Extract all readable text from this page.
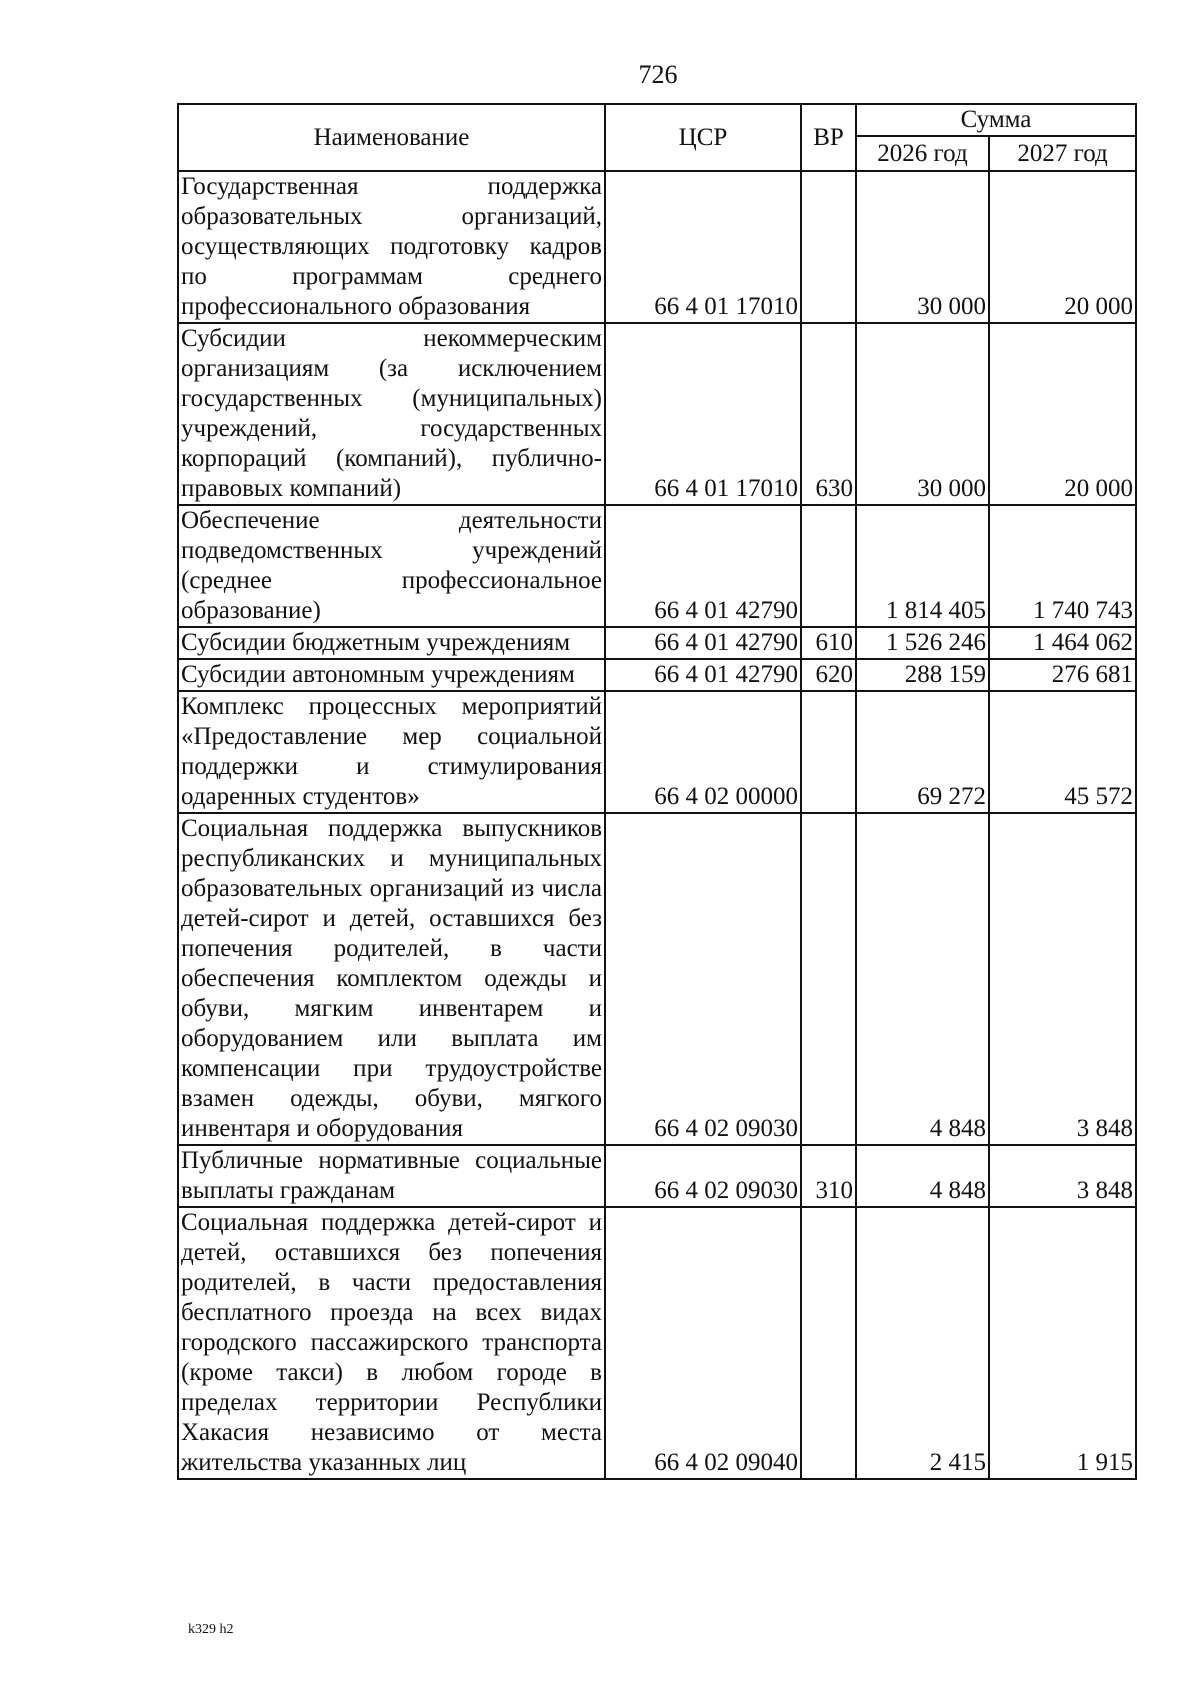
726
Наименование	ЦСР	ВР	Сумма	
			2026 год	2027 год
Государственная поддержка образовательных организаций, осуществляющих подготовку кадров по программам среднего профессионального образования	66 4 01 17010		30 000	20 000
Субсидии некоммерческим организациям (за исключением государственных (муниципальных) учреждений, государственных корпораций (компаний), публично-правовых компаний)	66 4 01 17010	630	30 000	20 000
Обеспечение деятельности подведомственных учреждений (среднее профессиональное образование)	66 4 01 42790		1 814 405	1 740 743
Субсидии бюджетным учреждениям	66 4 01 42790	610	1 526 246	1 464 062
Субсидии автономным учреждениям	66 4 01 42790	620	288 159	276 681
Комплекс процессных мероприятий «Предоставление мер социальной поддержки и стимулирования одаренных студентов»	66 4 02 00000		69 272	45 572
Социальная поддержка выпускников республиканских и муниципальных образовательных организаций из числа детей-сирот и детей, оставшихся без попечения родителей, в части обеспечения комплектом одежды и обуви, мягким инвентарем и оборудованием или выплата им компенсации при трудоустройстве взамен одежды, обуви, мягкого инвентаря и оборудования	66 4 02 09030		4 848	3 848
Публичные нормативные социальные выплаты гражданам	66 4 02 09030	310	4 848	3 848
Социальная поддержка детей-сирот и детей, оставшихся без попечения родителей, в части предоставления бесплатного проезда на всех видах городского пассажирского транспорта (кроме такси) в любом городе в пределах территории Республики Хакасия независимо от места жительства указанных лиц	66 4 02 09040		2 415	1 915
k329 h2
